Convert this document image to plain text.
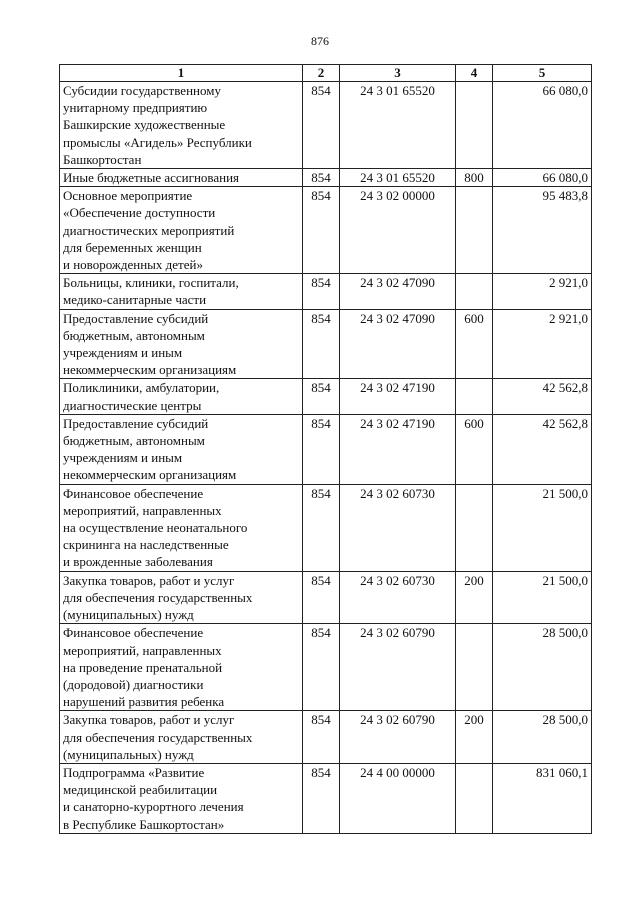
876
1	2	3	4	5

Субсидии государственному
унитарному предприятию
Башкирские художественные
промыслы «Агидель» Республики
Башкортостан	854	24 3 01 65520		66 080,0

Иные бюджетные ассигнования	854	24 3 01 65520	800	66 080,0

Основное мероприятие
«Обеспечение доступности
диагностических мероприятий
для беременных женщин
и новорожденных детей»	854	24 3 02 00000		95 483,8

Больницы, клиники, госпитали,
медико-санитарные части	854	24 3 02 47090		2 921,0

Предоставление субсидий
бюджетным, автономным
учреждениям и иным
некоммерческим организациям	854	24 3 02 47090	600	2 921,0

Поликлиники, амбулатории,
диагностические центры	854	24 3 02 47190		42 562,8

Предоставление субсидий
бюджетным, автономным
учреждениям и иным
некоммерческим организациям	854	24 3 02 47190	600	42 562,8

Финансовое обеспечение
мероприятий, направленных
на осуществление неонатального
скрининга на наследственные
и врожденные заболевания	854	24 3 02 60730		21 500,0

Закупка товаров, работ и услуг
для обеспечения государственных
(муниципальных) нужд	854	24 3 02 60730	200	21 500,0

Финансовое обеспечение
мероприятий, направленных
на проведение пренатальной
(дородовой) диагностики
нарушений развития ребенка	854	24 3 02 60790		28 500,0

Закупка товаров, работ и услуг
для обеспечения государственных
(муниципальных) нужд	854	24 3 02 60790	200	28 500,0

Подпрограмма «Развитие
медицинской реабилитации
и санаторно-курортного лечения
в Республике Башкортостан»	854	24 4 00 00000		831 060,1
